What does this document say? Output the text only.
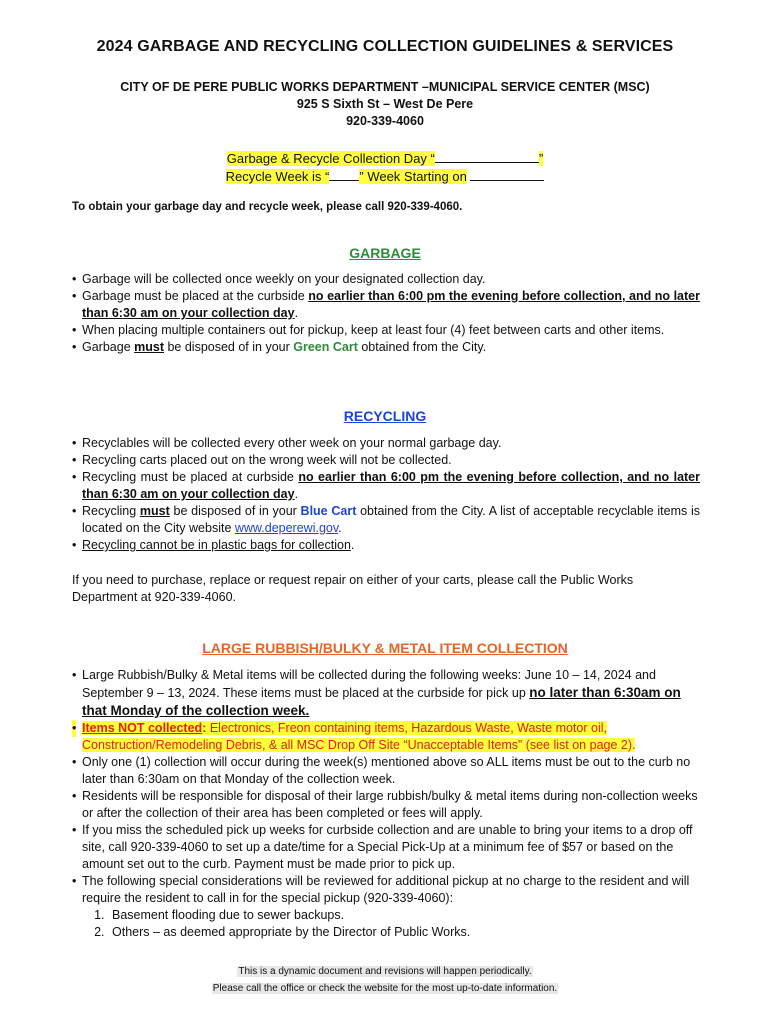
2024 GARBAGE AND RECYCLING COLLECTION GUIDELINES & SERVICES
CITY OF DE PERE PUBLIC WORKS DEPARTMENT –MUNICIPAL SERVICE CENTER (MSC)
925 S Sixth St – West De Pere
920-339-4060
Garbage & Recycle Collection Day “	”
Recycle Week is “ ” Week Starting on
To obtain your garbage day and recycle week, please call 920-339-4060.
GARBAGE
• Garbage will be collected once weekly on your designated collection day.
• Garbage must be placed at the curbside no earlier than 6:00 pm the evening before collection, and no later than 6:30 am on your collection day.
• When placing multiple containers out for pickup, keep at least four (4) feet between carts and other items.
• Garbage must be disposed of in your Green Cart obtained from the City.
RECYCLING
• Recyclables will be collected every other week on your normal garbage day.
• Recycling carts placed out on the wrong week will not be collected.
• Recycling must be placed at curbside no earlier than 6:00 pm the evening before collection, and no later than 6:30 am on your collection day.
• Recycling must be disposed of in your Blue Cart obtained from the City. A list of acceptable recyclable items is located on the City website www.deperewi.gov.
• Recycling cannot be in plastic bags for collection.
If you need to purchase, replace or request repair on either of your carts, please call the Public Works Department at 920-339-4060.
LARGE RUBBISH/BULKY & METAL ITEM COLLECTION
• Large Rubbish/Bulky & Metal items will be collected during the following weeks: June 10 – 14, 2024 and September 9 – 13, 2024. These items must be placed at the curbside for pick up no later than 6:30am on that Monday of the collection week.
• Items NOT collected: Electronics, Freon containing items, Hazardous Waste, Waste motor oil, Construction/Remodeling Debris, & all MSC Drop Off Site “Unacceptable Items” (see list on page 2).
• Only one (1) collection will occur during the week(s) mentioned above so ALL items must be out to the curb no later than 6:30am on that Monday of the collection week.
• Residents will be responsible for disposal of their large rubbish/bulky & metal items during non-collection weeks or after the collection of their area has been completed or fees will apply.
• If you miss the scheduled pick up weeks for curbside collection and are unable to bring your items to a drop off site, call 920-339-4060 to set up a date/time for a Special Pick-Up at a minimum fee of $57 or based on the amount set out to the curb. Payment must be made prior to pick up.
• The following special considerations will be reviewed for additional pickup at no charge to the resident and will require the resident to call in for the special pickup (920-339-4060):
1. Basement flooding due to sewer backups.
2. Others – as deemed appropriate by the Director of Public Works.
This is a dynamic document and revisions will happen periodically.
Please call the office or check the website for the most up-to-date information.
